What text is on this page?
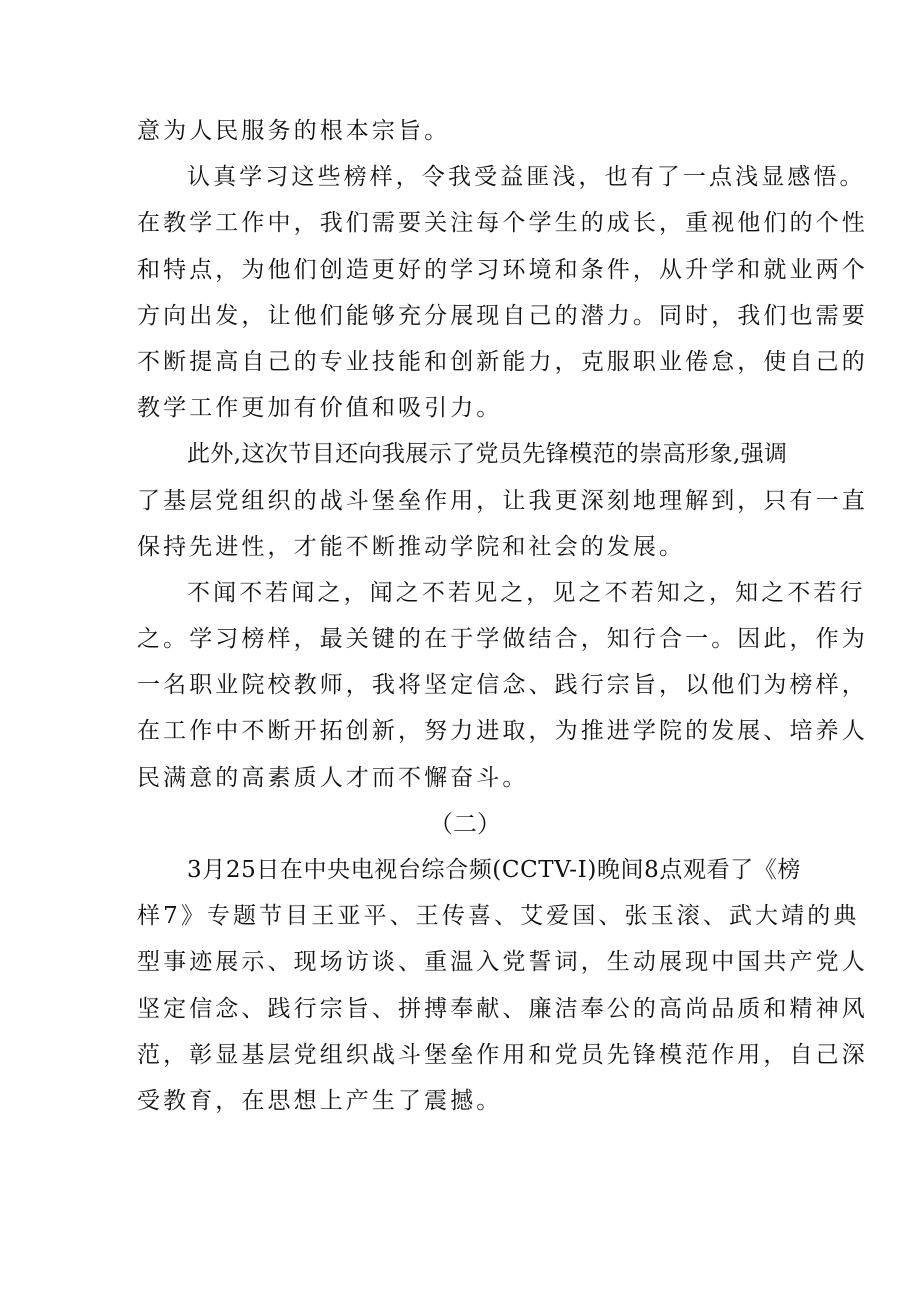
意为人民服务的根本宗旨。
认真学习这些榜样，令我受益匪浅，也有了一点浅显感悟。
在教学工作中，我们需要关注每个学生的成长，重视他们的个性
和特点，为他们创造更好的学习环境和条件，从升学和就业两个
方向出发，让他们能够充分展现自己的潜力。同时，我们也需要
不断提高自己的专业技能和创新能力，克服职业倦怠，使自己的
教学工作更加有价值和吸引力。
此外,这次节目还向我展示了党员先锋模范的崇高形象,强调
了基层党组织的战斗堡垒作用，让我更深刻地理解到，只有一直
保持先进性，才能不断推动学院和社会的发展。
不闻不若闻之，闻之不若见之，见之不若知之，知之不若行
之。学习榜样，最关键的在于学做结合，知行合一。因此，作为
一名职业院校教师，我将坚定信念、践行宗旨，以他们为榜样，
在工作中不断开拓创新，努力进取，为推进学院的发展、培养人
民满意的高素质人才而不懈奋斗。
（二）
3月25日在中央电视台综合频(CCTV-I)晚间8点观看了《榜
样7》专题节目王亚平、王传喜、艾爱国、张玉滚、武大靖的典
型事迹展示、现场访谈、重温入党誓词，生动展现中国共产党人
坚定信念、践行宗旨、拼搏奉献、廉洁奉公的高尚品质和精神风
范，彰显基层党组织战斗堡垒作用和党员先锋模范作用，自己深
受教育，在思想上产生了震撼。
